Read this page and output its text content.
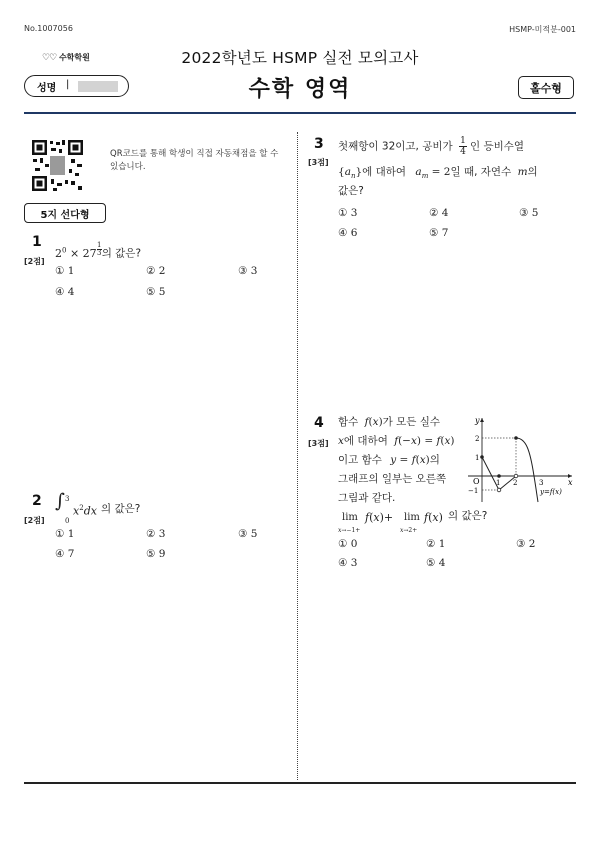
No.1007056	HSMP-미적분-001
♡♡ 수학학원	2022학년도 HSMP 실전 모의고사
수학 영역
성명 |	홀수형
QR코드를 통해 학생이 직접 자동채점을 할 수 있습니다.
5지 선다형
1
[2점]
$2^0 \times 27$ $^{\frac{1}{3}}$ 의 값은?
① 1	② 2	③ 3
④ 4	⑤ 5
2
[2점]
∫ 3
0
$x^2dx$ 의 값은?
① 1	② 3	③ 5
④ 7	⑤ 9
3
[3점]
첫째항이 32이고, 공비가 $\frac{1}{4}$ 인 등비수열
$\{a_n\}$에 대하여 $a_m = 2$일 때, 자연수 m의
값은?
① 3	② 4	③ 5
④ 6	⑤ 7
4
[3점]
함수 f(x)가 모든 실수
x에 대하여 f(−x) = f(x)
이고 함수 y = f(x)의
그래프의 일부는 오른쪽
그림과 같다.
lim
x→−1+
f(x)+ lim
x→2+
f(x) 의 값은?
y
x
O 1 2	3
2
1
−1	y=f(x)
① 0	② 1	③ 2
④ 3	⑤ 4
